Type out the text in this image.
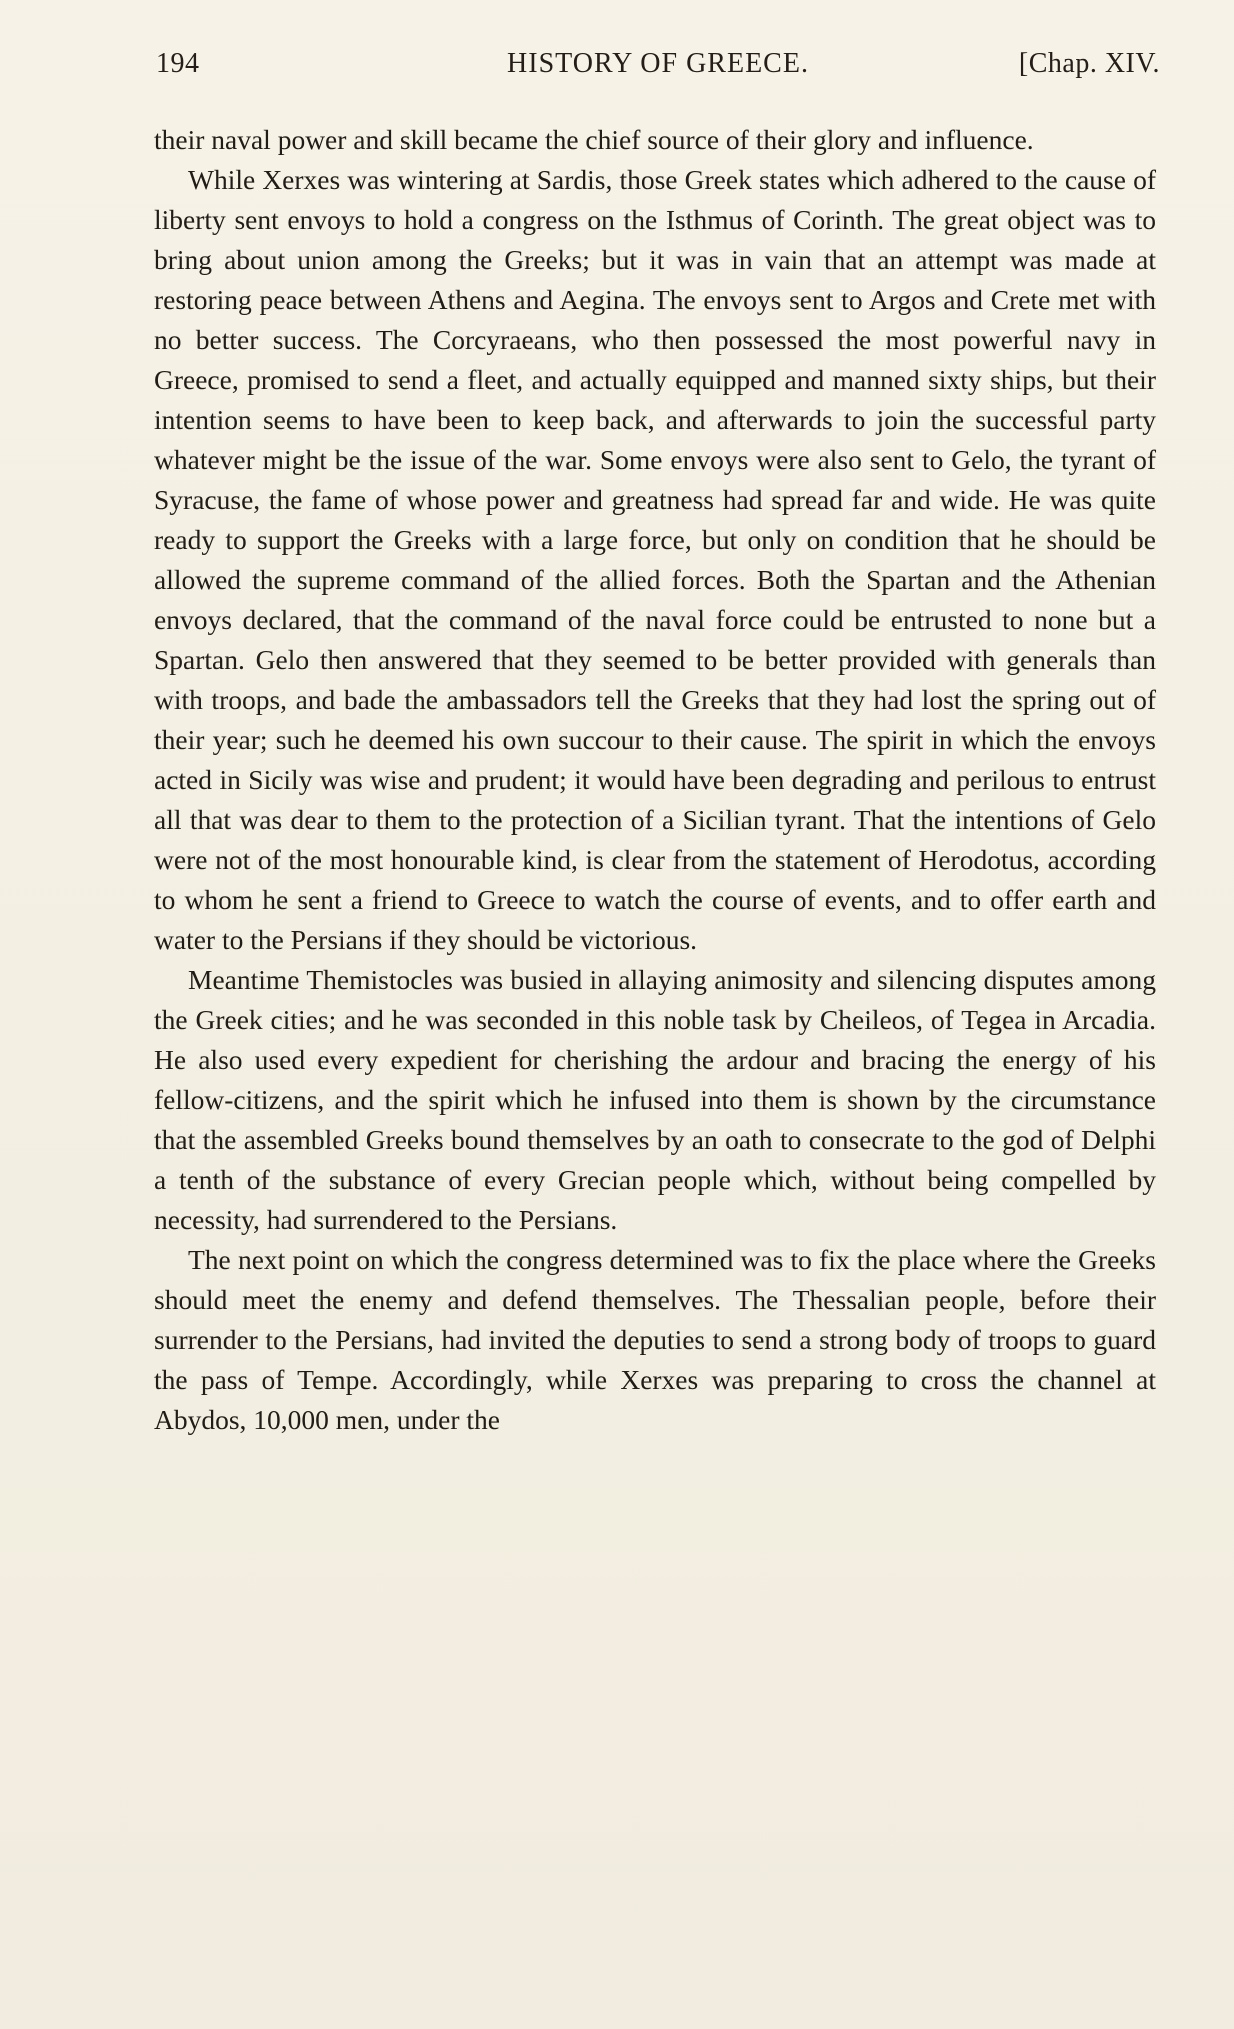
194	HISTORY OF GREECE.	[Chap. XIV.

their naval power and skill became the chief source of their glory and influence.

While Xerxes was wintering at Sardis, those Greek states which adhered to the cause of liberty sent envoys to hold a congress on the Isthmus of Corinth. The great object was to bring about union among the Greeks; but it was in vain that an attempt was made at restoring peace between Athens and Aegina. The envoys sent to Argos and Crete met with no better success. The Corcyraeans, who then possessed the most powerful navy in Greece, promised to send a fleet, and actually equipped and manned sixty ships, but their intention seems to have been to keep back, and afterwards to join the successful party whatever might be the issue of the war. Some envoys were also sent to Gelo, the tyrant of Syracuse, the fame of whose power and greatness had spread far and wide. He was quite ready to support the Greeks with a large force, but only on condition that he should be allowed the supreme command of the allied forces. Both the Spartan and the Athenian envoys declared, that the command of the naval force could be entrusted to none but a Spartan. Gelo then answered that they seemed to be better provided with generals than with troops, and bade the ambassadors tell the Greeks that they had lost the spring out of their year; such he deemed his own succour to their cause. The spirit in which the envoys acted in Sicily was wise and prudent; it would have been degrading and perilous to entrust all that was dear to them to the protection of a Sicilian tyrant. That the intentions of Gelo were not of the most honourable kind, is clear from the statement of Herodotus, according to whom he sent a friend to Greece to watch the course of events, and to offer earth and water to the Persians if they should be victorious.

Meantime Themistocles was busied in allaying animosity and silencing disputes among the Greek cities; and he was seconded in this noble task by Cheileos, of Tegea in Arcadia. He also used every expedient for cherishing the ardour and bracing the energy of his fellow-citizens, and the spirit which he infused into them is shown by the circumstance that the assembled Greeks bound themselves by an oath to consecrate to the god of Delphi a tenth of the substance of every Grecian people which, without being compelled by necessity, had surrendered to the Persians.

The next point on which the congress determined was to fix the place where the Greeks should meet the enemy and defend themselves. The Thessalian people, before their surrender to the Persians, had invited the deputies to send a strong body of troops to guard the pass of Tempe. Accordingly, while Xerxes was preparing to cross the channel at Abydos, 10,000 men, under the
